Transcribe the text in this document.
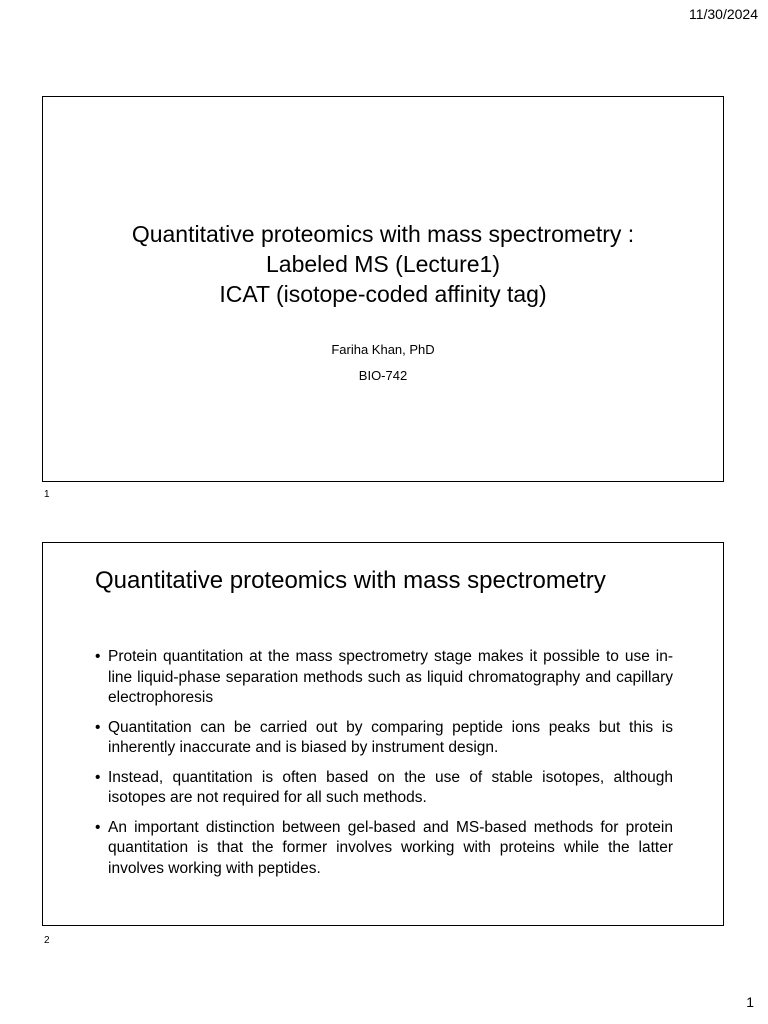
11/30/2024

Quantitative proteomics with mass spectrometry :

Labeled MS (Lecture1)

ICAT (isotope-coded affinity tag)

Fariha Khan, PhD
BIO-742
1
Quantitative proteomics with mass spectrometry
• Protein quantitation at the mass spectrometry stage makes it possible to use in-line liquid-phase separation methods such as liquid chromatography and capillary electrophoresis
• Quantitation can be carried out by comparing peptide ions peaks but this is inherently inaccurate and is biased by instrument design.
• Instead, quantitation is often based on the use of stable isotopes, although isotopes are not required for all such methods.
• An important distinction between gel-based and MS-based methods for protein quantitation is that the former involves working with proteins while the latter involves working with peptides.
2
1
